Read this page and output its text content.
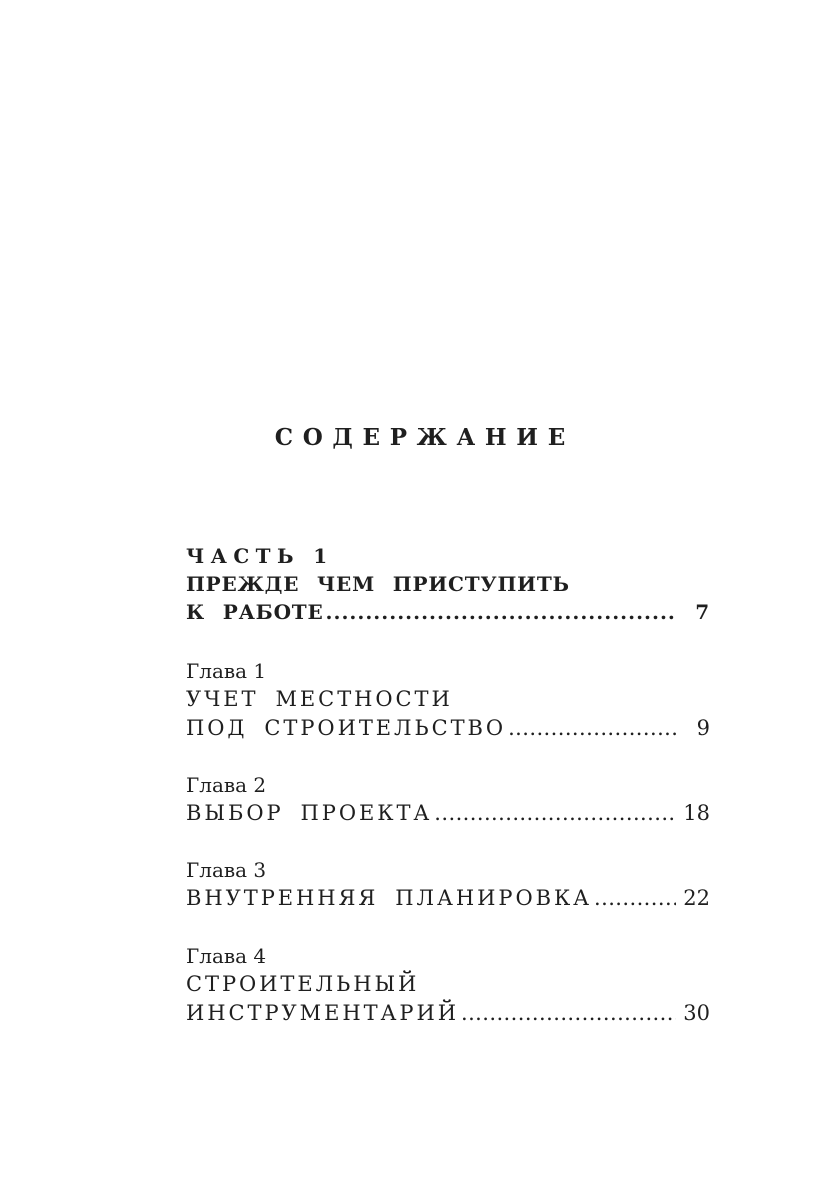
СОДЕРЖАНИЕ
ЧАСТЬ 1
ПРЕЖДЕ ЧЕМ ПРИСТУПИТЬ
К РАБОТЕ .....	7
Глава 1
УЧЕТ МЕСТНОСТИ
ПОД СТРОИТЕЛЬСТВО .....	9
Глава 2
ВЫБОР ПРОЕКТА .....	18
Глава 3
ВНУТРЕННЯЯ ПЛАНИРОВКА .....	22
Глава 4
СТРОИТЕЛЬНЫЙ
ИНСТРУМЕНТАРИЙ .....	30
